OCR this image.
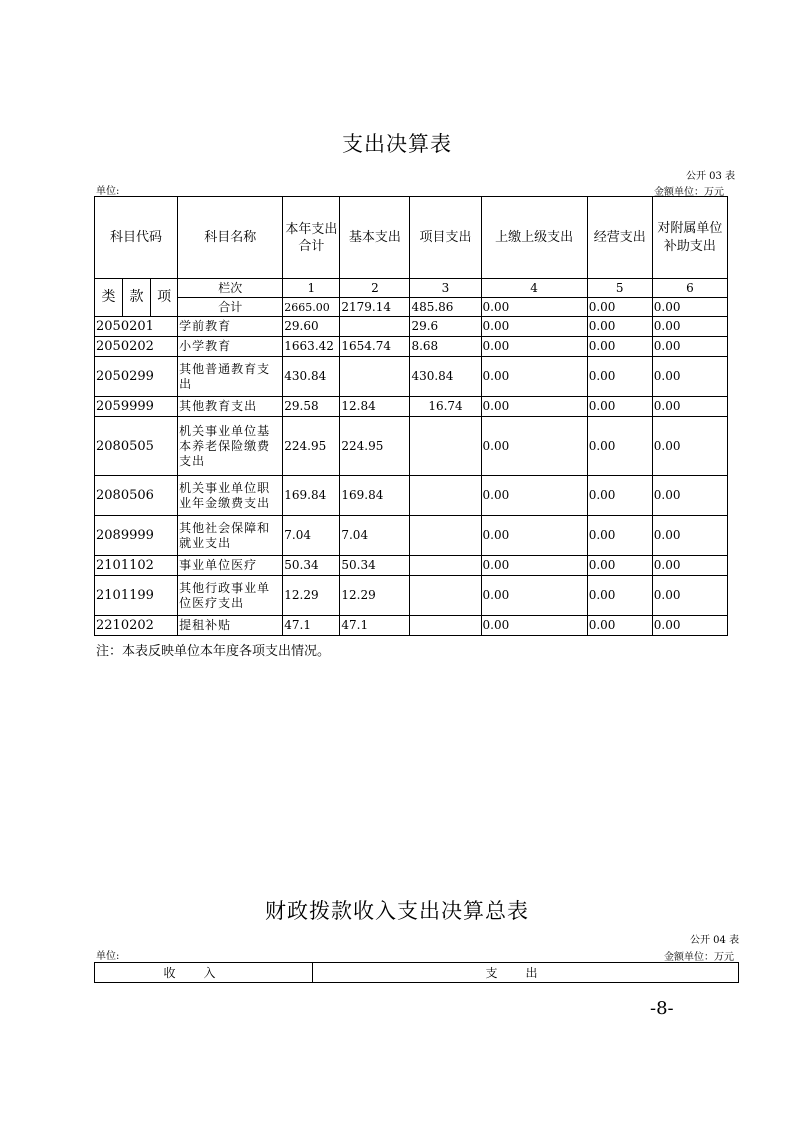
支出决算表
公开 03 表
单位:	金额单位：万元
科目代码			科目名称	本年支出合计	基本支出	项目支出	上缴上级支出	经营支出	对附属单位补助支出
类	款	项	栏次	1	2	3	4	5	6
			合计	2665.00	2179.14	485.86	0.00	0.00	0.00
2050201			学前教育	29.60		29.6	0.00	0.00	0.00
2050202			小学教育	1663.42	1654.74	8.68	0.00	0.00	0.00
2050299			其他普通教育支出	430.84		430.84	0.00	0.00	0.00
2059999			其他教育支出	29.58	12.84	16.74	0.00	0.00	0.00
2080505			机关事业单位基本养老保险缴费支出	224.95	224.95		0.00	0.00	0.00
2080506			机关事业单位职业年金缴费支出	169.84	169.84		0.00	0.00	0.00
2089999			其他社会保障和就业支出	7.04	7.04		0.00	0.00	0.00
2101102			事业单位医疗	50.34	50.34		0.00	0.00	0.00
2101199			其他行政事业单位医疗支出	12.29	12.29		0.00	0.00	0.00
2210202			提租补贴	47.1	47.1		0.00	0.00	0.00
注：本表反映单位本年度各项支出情况。
财政拨款收入支出决算总表
公开 04 表
单位:	金额单位：万元
收入	支出
-8-
